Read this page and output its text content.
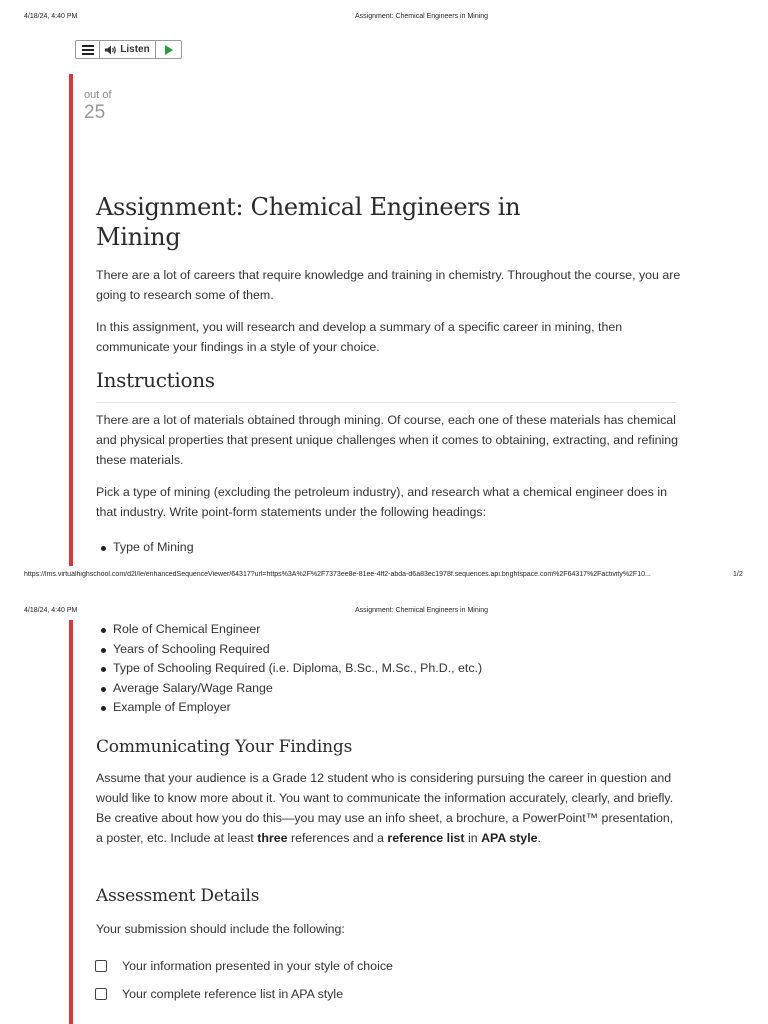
4/18/24, 4:40 PM	Assignment: Chemical Engineers in Mining
Listen
out of
25
Assignment: Chemical Engineers in Mining

There are a lot of careers that require knowledge and training in chemistry. Throughout the course, you are going to research some of them.

In this assignment, you will research and develop a summary of a specific career in mining, then communicate your findings in a style of your choice.

Instructions

There are a lot of materials obtained through mining. Of course, each one of these materials has chemical and physical properties that present unique challenges when it comes to obtaining, extracting, and refining these materials.

Pick a type of mining (excluding the petroleum industry), and research what a chemical engineer does in that industry. Write point-form statements under the following headings:

Type of Mining
https://lms.virtualhighschool.com/d2l/le/enhancedSequenceViewer/64317?url=https%3A%2F%2F7373ee8e-81ee-4ff2-abda-d6a83ec1978f.sequences.api.brightspace.com%2F64317%2Factivity%2F10...	1/2
4/18/24, 4:40 PM	Assignment: Chemical Engineers in Mining
Role of Chemical Engineer
Years of Schooling Required
Type of Schooling Required (i.e. Diploma, B.Sc., M.Sc., Ph.D., etc.)
Average Salary/Wage Range
Example of Employer
Communicating Your Findings

Assume that your audience is a Grade 12 student who is considering pursuing the career in question and would like to know more about it. You want to communicate the information accurately, clearly, and briefly. Be creative about how you do this—you may use an info sheet, a brochure, a PowerPoint™ presentation, a poster, etc. Include at least three references and a reference list in APA style.

Assessment Details

Your submission should include the following:

Your information presented in your style of choice
Your complete reference list in APA style
